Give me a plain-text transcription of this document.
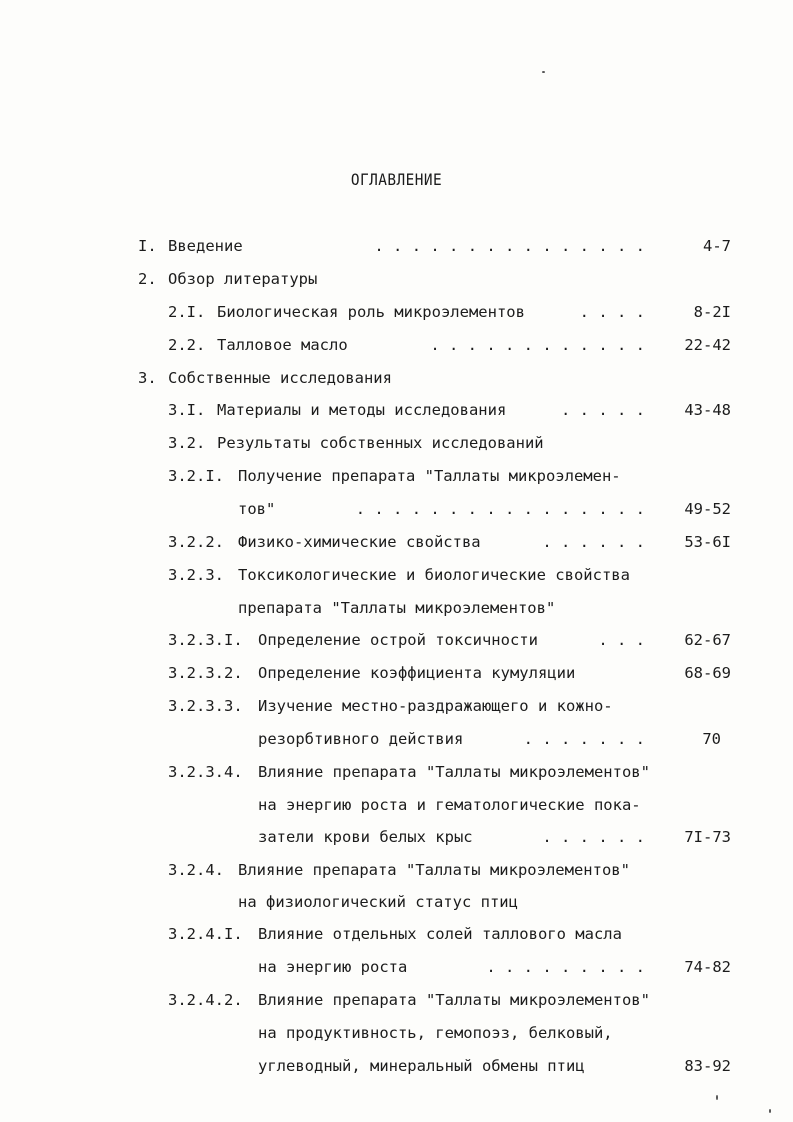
ОГЛАВЛЕНИЕ
I. Введение	. . . . . . . . . . . . . . .	4-7
2. Обзор литературы
2.I. Биологическая роль микроэлементов	. . . .	8-2I
2.2. Талловое масло	. . . . . . . . . . . .	22-42
3. Собственные исследования
3.I. Материалы и методы исследования	. . . . .	43-48
3.2. Результаты собственных исследований
3.2.I. Получение препарата "Таллаты микроэлемен-
тов"	. . . . . . . . . . . . . . . .	49-52
3.2.2. Физико-химические свойства	. . . . . .	53-6I
3.2.3. Токсикологические и биологические свойства
препарата "Таллаты микроэлементов"
3.2.3.I. Определение острой токсичности	. . .	62-67
3.2.3.2. Определение коэффициента кумуляции	68-69
3.2.3.3. Изучение местно-раздражающего и кожно-
резорбтивного действия	. . . . . . .	70
3.2.3.4. Влияние препарата "Таллаты микроэлементов"
на энергию роста и гематологические пока-
затели крови белых крыс	. . . . . .	7I-73
3.2.4. Влияние препарата "Таллаты микроэлементов"
на физиологический статус птиц
3.2.4.I. Влияние отдельных солей таллового масла
на энергию роста	. . . . . . . . .	74-82
3.2.4.2. Влияние препарата "Таллаты микроэлементов"
на продуктивность, гемопоэз, белковый,
углеводный, минеральный обмены птиц	83-92
